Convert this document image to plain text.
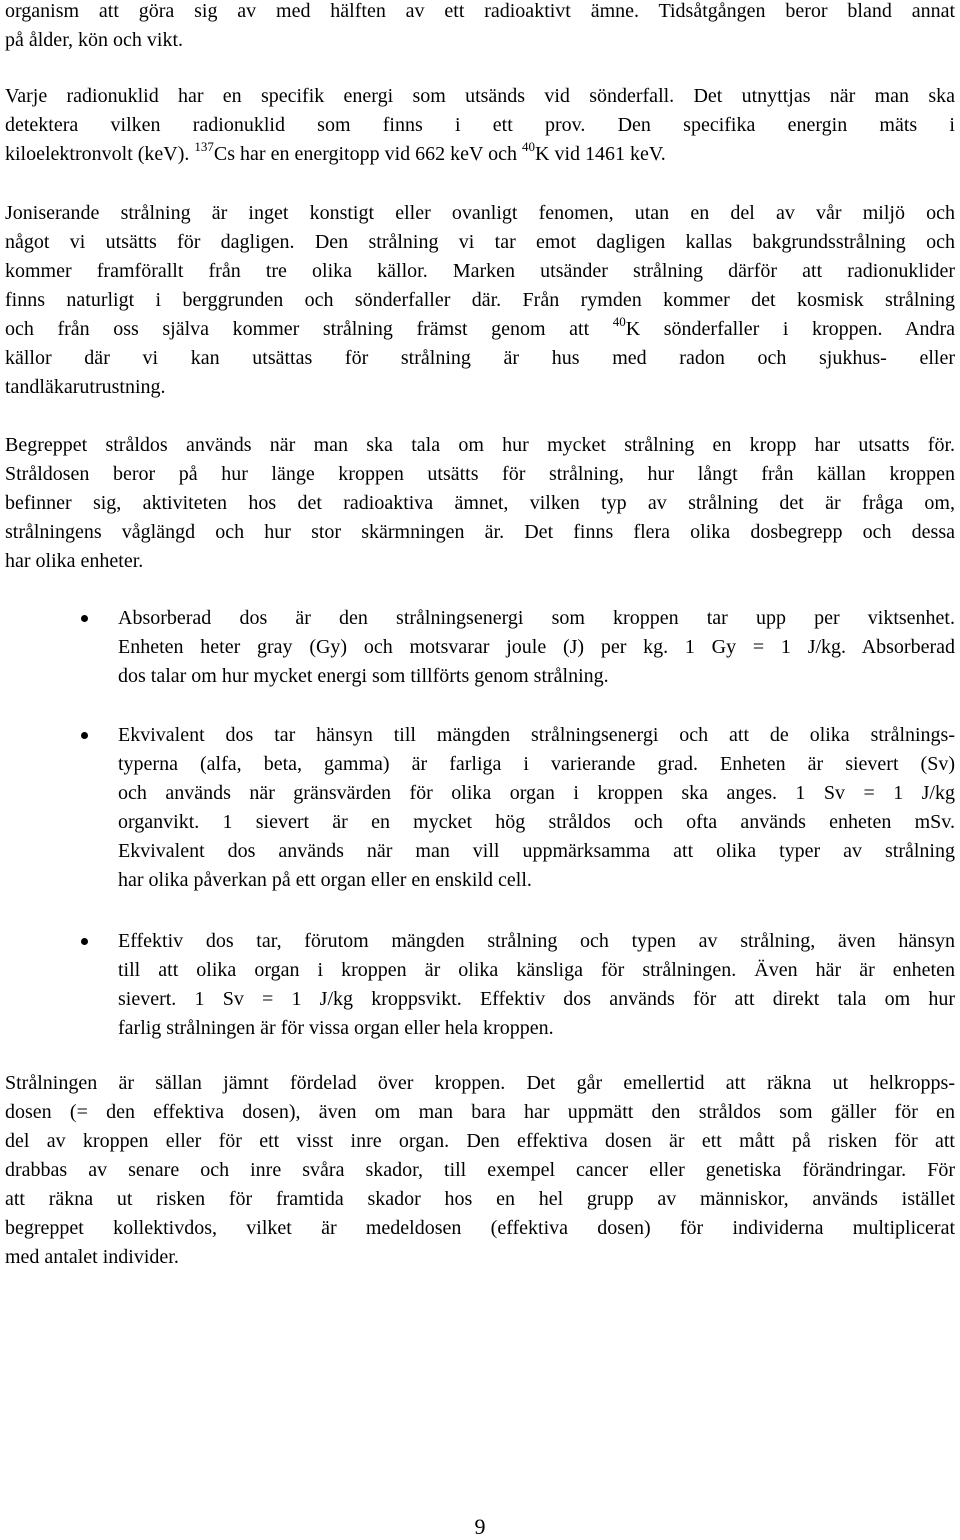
organism att göra sig av med hälften av ett radioaktivt ämne. Tidsåtgången beror bland annat
på ålder, kön och vikt.
Varje radionuklid har en specifik energi som utsänds vid sönderfall. Det utnyttjas när man ska
detektera vilken radionuklid som finns i ett prov. Den specifika energin mäts i
kiloelektronvolt (keV). $^{137}$Cs har en energitopp vid 662 keV och $^{40}$K vid 1461 keV.
Joniserande strålning är inget konstigt eller ovanligt fenomen, utan en del av vår miljö och
något vi utsätts för dagligen. Den strålning vi tar emot dagligen kallas bakgrundsstrålning och
kommer framförallt från tre olika källor. Marken utsänder strålning därför att radionuklider
finns naturligt i berggrunden och sönderfaller där. Från rymden kommer det kosmisk strålning
och från oss själva kommer strålning främst genom att $^{40}$K sönderfaller i kroppen. Andra
källor där vi kan utsättas för strålning är hus med radon och sjukhus- eller
tandläkarutrustning.
Begreppet stråldos används när man ska tala om hur mycket strålning en kropp har utsatts för.
Stråldosen beror på hur länge kroppen utsätts för strålning, hur långt från källan kroppen
befinner sig, aktiviteten hos det radioaktiva ämnet, vilken typ av strålning det är fråga om,
strålningens våglängd och hur stor skärmningen är. Det finns flera olika dosbegrepp och dessa
har olika enheter.
Absorberad dos är den strålningsenergi som kroppen tar upp per viktsenhet.
Enheten heter gray (Gy) och motsvarar joule (J) per kg. 1 Gy = 1 J/kg. Absorberad
dos talar om hur mycket energi som tillförts genom strålning.
Ekvivalent dos tar hänsyn till mängden strålningsenergi och att de olika strålnings-
typerna (alfa, beta, gamma) är farliga i varierande grad. Enheten är sievert (Sv)
och används när gränsvärden för olika organ i kroppen ska anges. 1 Sv = 1 J/kg
organvikt. 1 sievert är en mycket hög stråldos och ofta används enheten mSv.
Ekvivalent dos används när man vill uppmärksamma att olika typer av strålning
har olika påverkan på ett organ eller en enskild cell.
Effektiv dos tar, förutom mängden strålning och typen av strålning, även hänsyn
till att olika organ i kroppen är olika känsliga för strålningen. Även här är enheten
sievert. 1 Sv = 1 J/kg kroppsvikt. Effektiv dos används för att direkt tala om hur
farlig strålningen är för vissa organ eller hela kroppen.
Strålningen är sällan jämnt fördelad över kroppen. Det går emellertid att räkna ut helkropps-
dosen (= den effektiva dosen), även om man bara har uppmätt den stråldos som gäller för en
del av kroppen eller för ett visst inre organ. Den effektiva dosen är ett mått på risken för att
drabbas av senare och inre svåra skador, till exempel cancer eller genetiska förändringar. För
att räkna ut risken för framtida skador hos en hel grupp av människor, används istället
begreppet kollektivdos, vilket är medeldosen (effektiva dosen) för individerna multiplicerat
med antalet individer.
9
